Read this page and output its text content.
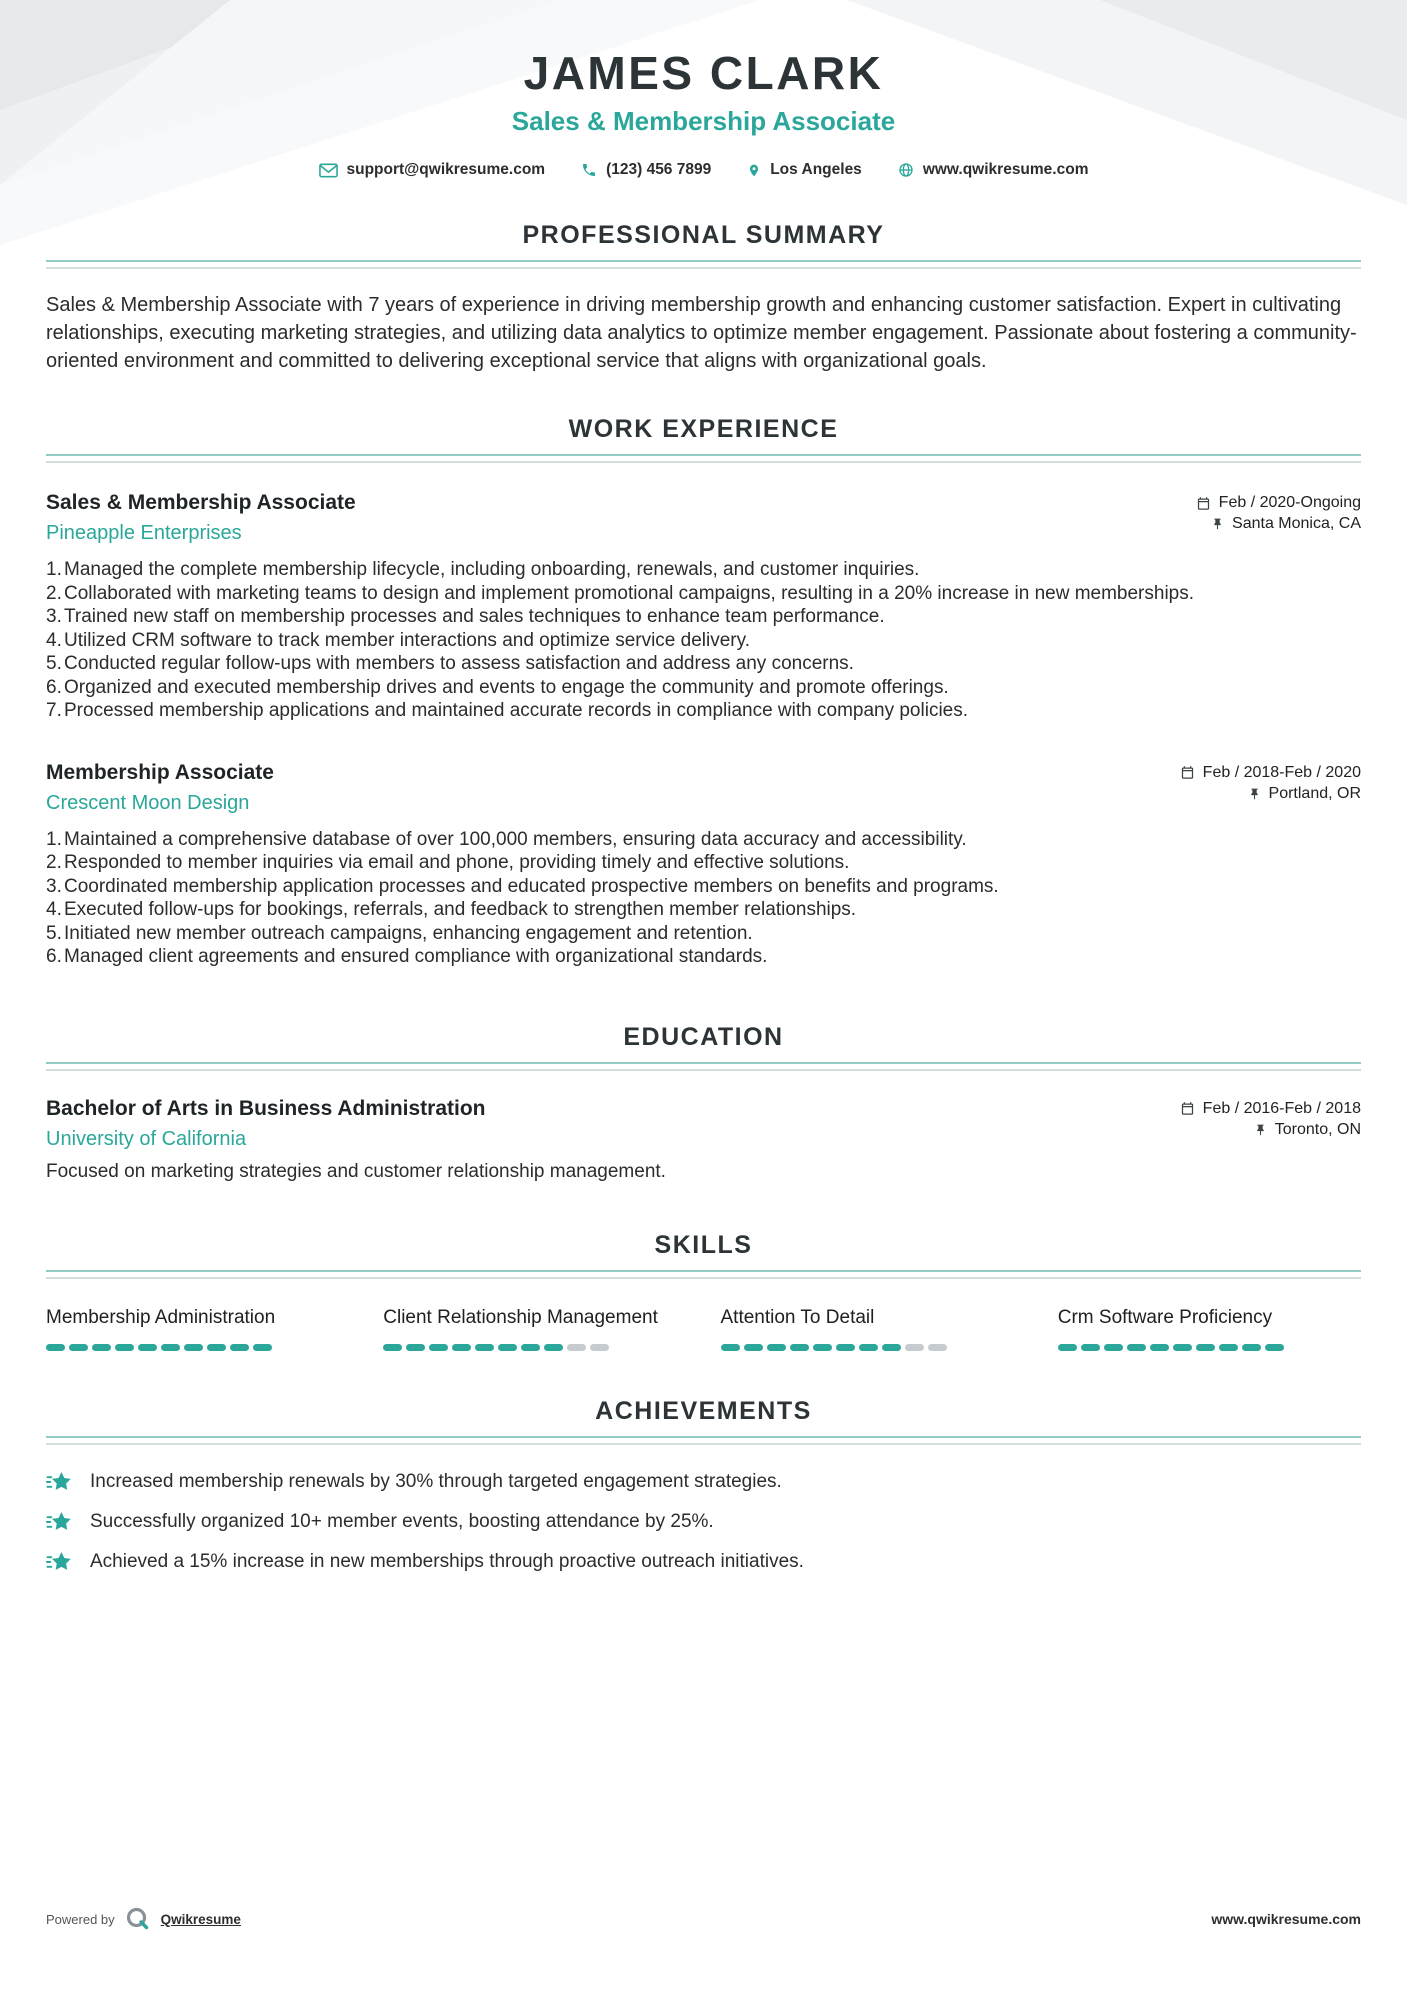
JAMES CLARK
Sales & Membership Associate
support@qwikresume.com	(123) 456 7899	Los Angeles	www.qwikresume.com
PROFESSIONAL SUMMARY

Sales & Membership Associate with 7 years of experience in driving membership growth and enhancing customer satisfaction. Expert in cultivating relationships, executing marketing strategies, and utilizing data analytics to optimize member engagement. Passionate about fostering a community-oriented environment and committed to delivering exceptional service that aligns with organizational goals.

WORK EXPERIENCE
Sales & Membership Associate
Pineapple Enterprises
Feb / 2020-Ongoing
Santa Monica, CA
Managed the complete membership lifecycle, including onboarding, renewals, and customer inquiries.
Collaborated with marketing teams to design and implement promotional campaigns, resulting in a 20% increase in new memberships.
Trained new staff on membership processes and sales techniques to enhance team performance.
Utilized CRM software to track member interactions and optimize service delivery.
Conducted regular follow-ups with members to assess satisfaction and address any concerns.
Organized and executed membership drives and events to engage the community and promote offerings.
Processed membership applications and maintained accurate records in compliance with company policies.
Membership Associate
Crescent Moon Design
Feb / 2018-Feb / 2020
Portland, OR
Maintained a comprehensive database of over 100,000 members, ensuring data accuracy and accessibility.
Responded to member inquiries via email and phone, providing timely and effective solutions.
Coordinated membership application processes and educated prospective members on benefits and programs.
Executed follow-ups for bookings, referrals, and feedback to strengthen member relationships.
Initiated new member outreach campaigns, enhancing engagement and retention.
Managed client agreements and ensured compliance with organizational standards.
EDUCATION
Bachelor of Arts in Business Administration
University of California
Feb / 2016-Feb / 2018
Toronto, ON

Focused on marketing strategies and customer relationship management.

SKILLS
Membership Administration	Client Relationship Management	Attention To Detail	Crm Software Proficiency
ACHIEVEMENTS
Increased membership renewals by 30% through targeted engagement strategies.
Successfully organized 10+ member events, boosting attendance by 25%.
Achieved a 15% increase in new memberships through proactive outreach initiatives.
Powered by	Qwikresume	www.qwikresume.com
